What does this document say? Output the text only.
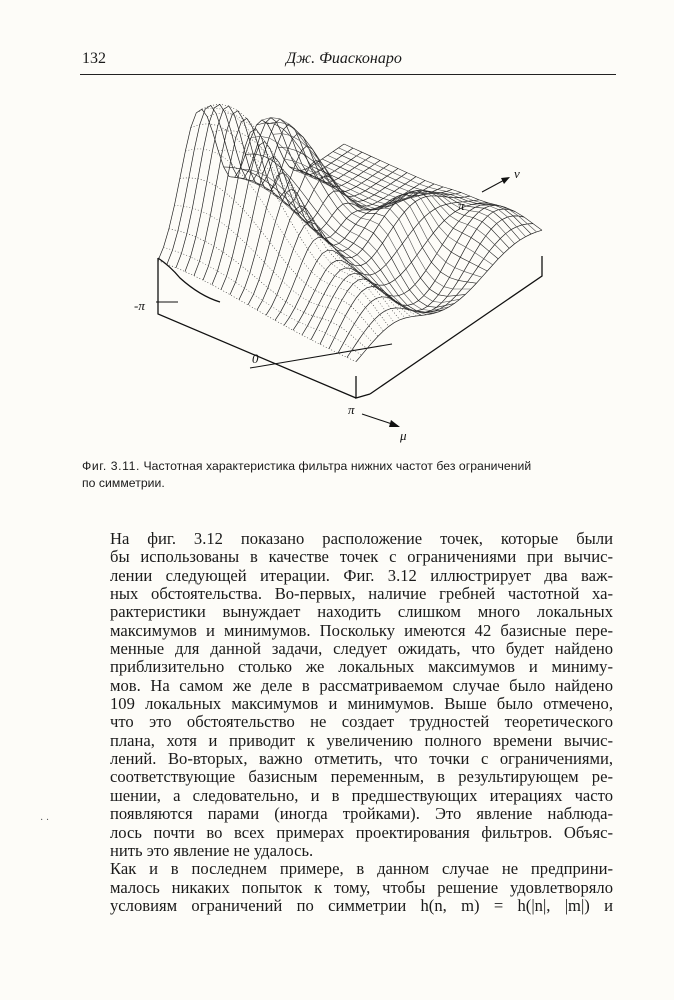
132	Дж. Фиасконаро
-π
0
π
π
μ
ν
Фиг. 3.11. Частотная характеристика фильтра нижних частот без ограничений
по симметрии.

На фиг. 3.12 показано расположение точек, которые были
бы использованы в качестве точек с ограничениями при вычис-
лении следующей итерации. Фиг. 3.12 иллюстрирует два важ-
ных обстоятельства. Во-первых, наличие гребней частотной ха-
рактеристики вынуждает находить слишком много локальных
максимумов и минимумов. Поскольку имеются 42 базисные пере-
менные для данной задачи, следует ожидать, что будет найдено
приблизительно столько же локальных максимумов и миниму-
мов. На самом же деле в рассматриваемом случае было найдено
109 локальных максимумов и минимумов. Выше было отмечено,
что это обстоятельство не создает трудностей теоретического
плана, хотя и приводит к увеличению полного времени вычис-
лений. Во-вторых, важно отметить, что точки с ограничениями,
соответствующие базисным переменным, в результирующем ре-
шении, а следовательно, и в предшествующих итерациях часто
появляются парами (иногда тройками). Это явление наблюда-
лось почти во всех примерах проектирования фильтров. Объяс-
нить это явление не удалось.

Как и в последнем примере, в данном случае не предприни-
малось никаких попыток к тому, чтобы решение удовлетворяло
условиям ограничений по симметрии h(n, m) = h(|n|, |m|) и

· ·
